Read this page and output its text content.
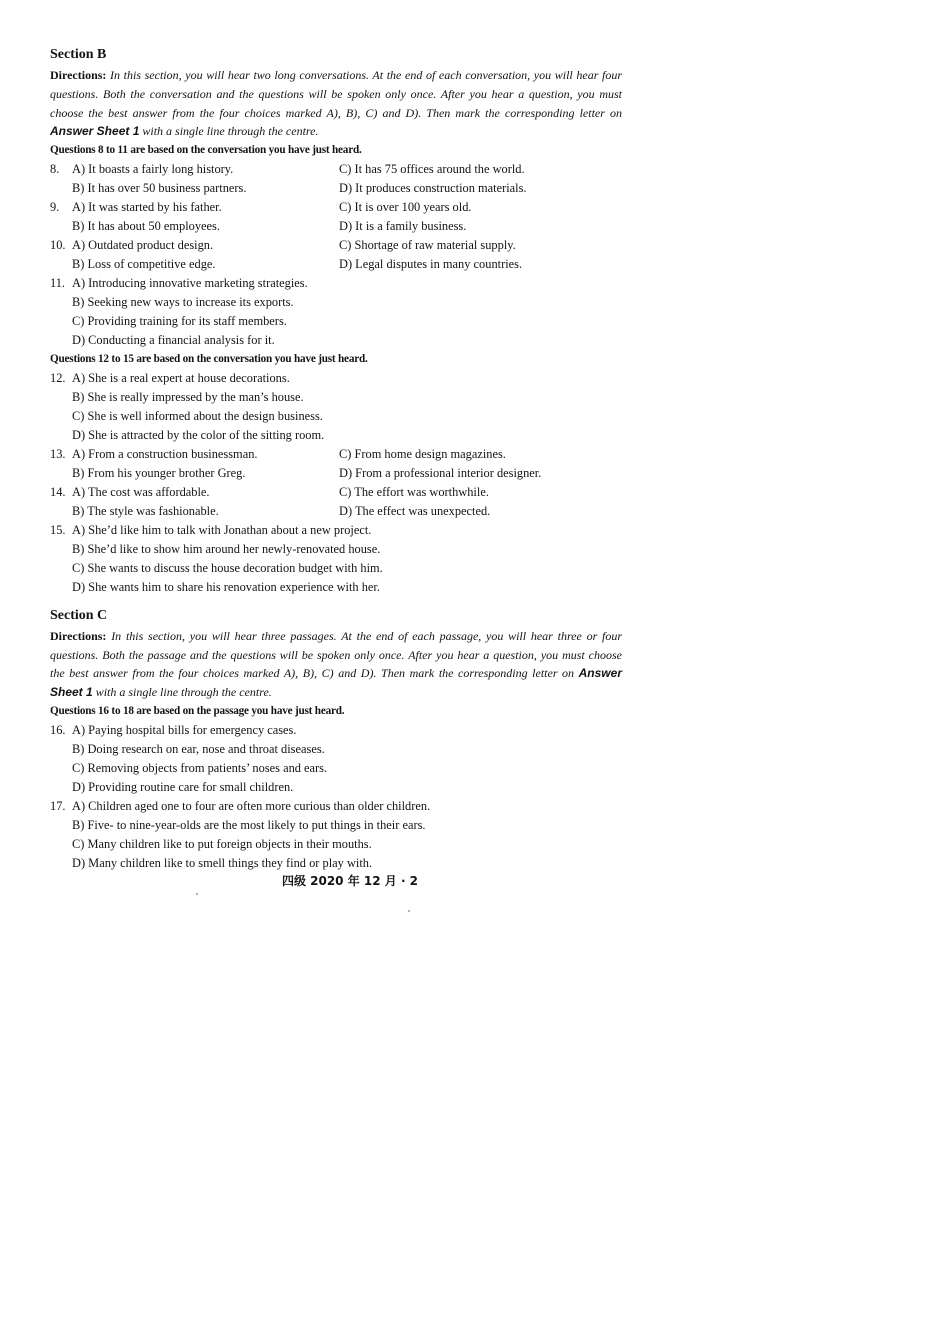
Section B

Directions: In this section, you will hear two long conversations. At the end of each conversation, you will hear four questions. Both the conversation and the questions will be spoken only once. After you hear a question, you must choose the best answer from the four choices marked A), B), C) and D). Then mark the corresponding letter on Answer Sheet 1 with a single line through the centre.

Questions 8 to 11 are based on the conversation you have just heard.

8.	A) It boasts a fairly long history.	C) It has 75 offices around the world.
B) It has over 50 business partners.	D) It produces construction materials.
9.	A) It was started by his father.	C) It is over 100 years old.
B) It has about 50 employees.	D) It is a family business.
10. A) Outdated product design.	C) Shortage of raw material supply.
B) Loss of competitive edge.	D) Legal disputes in many countries.
11. A) Introducing innovative marketing strategies.
B) Seeking new ways to increase its exports.
C) Providing training for its staff members.
D) Conducting a financial analysis for it.

Questions 12 to 15 are based on the conversation you have just heard.

12. A) She is a real expert at house decorations.
B) She is really impressed by the man’s house.
C) She is well informed about the design business.
D) She is attracted by the color of the sitting room.
13. A) From a construction businessman.	C) From home design magazines.
B) From his younger brother Greg.	D) From a professional interior designer.
14. A) The cost was affordable.	C) The effort was worthwhile.
B) The style was fashionable.	D) The effect was unexpected.
15. A) She’d like him to talk with Jonathan about a new project.
B) She’d like to show him around her newly-renovated house.
C) She wants to discuss the house decoration budget with him.
D) She wants him to share his renovation experience with her.
Section C

Directions: In this section, you will hear three passages. At the end of each passage, you will hear three or four questions. Both the passage and the questions will be spoken only once. After you hear a question, you must choose the best answer from the four choices marked A), B), C) and D). Then mark the corresponding letter on Answer Sheet 1 with a single line through the centre.

Questions 16 to 18 are based on the passage you have just heard.

16. A) Paying hospital bills for emergency cases.
B) Doing research on ear, nose and throat diseases.
C) Removing objects from patients’ noses and ears.
D) Providing routine care for small children.
17. A) Children aged one to four are often more curious than older children.
B) Five- to nine-year-olds are the most likely to put things in their ears.
C) Many children like to put foreign objects in their mouths.
D) Many children like to smell things they find or play with.
四级 2020 年 12 月 · 2
